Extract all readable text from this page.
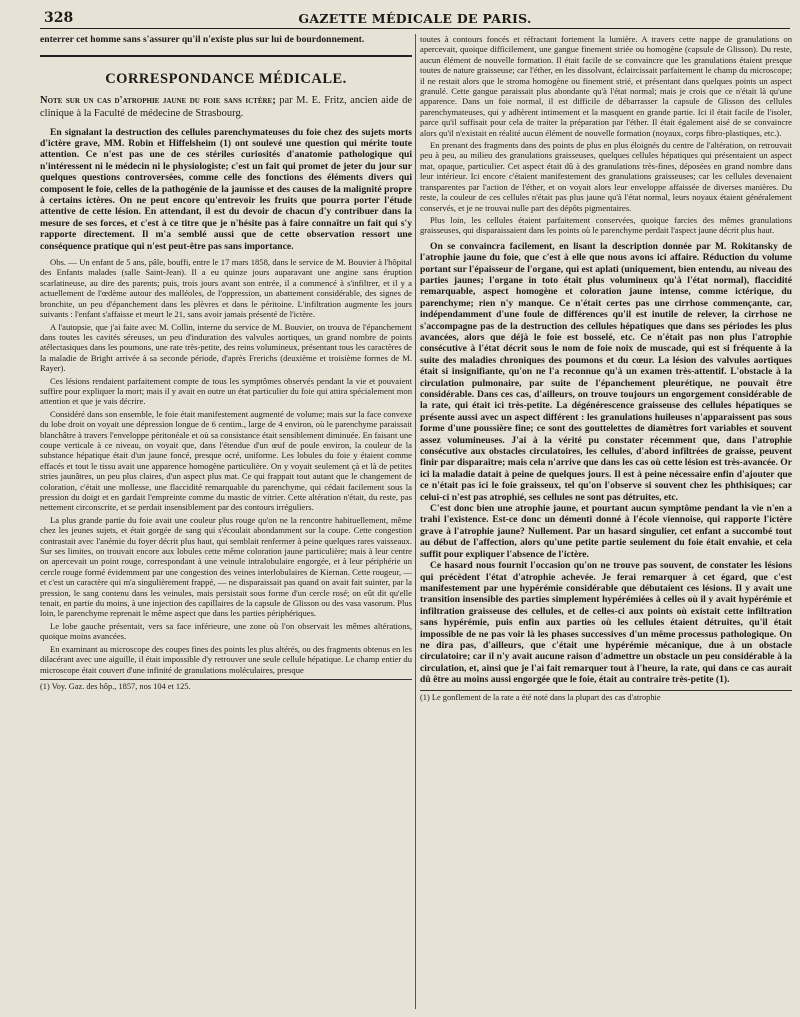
328	GAZETTE MÉDICALE DE PARIS.

enterrer cet homme sans s'assurer qu'il n'existe plus sur lui de bourdonnement.

CORRESPONDANCE MÉDICALE.

Note sur un cas d'atrophie jaune du foie sans ictère; par M. E. Fritz, ancien aide de clinique à la Faculté de médecine de Strasbourg.

En signalant la destruction des cellules parenchymateuses du foie chez des sujets morts d'ictère grave, MM. Robin et Hiffelsheim (1) ont soulevé une question qui mérite toute attention. Ce n'est pas une de ces stériles curiosités d'anatomie pathologique qui n'intéressent ni le médecin ni le physiologiste; c'est un fait qui promet de jeter du jour sur quelques questions controversées, comme celle des fonctions des éléments divers qui composent le foie, celles de la pathogénie de la jaunisse et des causes de la malignité propre à certains ictères. On ne peut encore qu'entrevoir les fruits que pourra porter l'étude attentive de cette lésion. En attendant, il est du devoir de chacun d'y contribuer dans la mesure de ses forces, et c'est à ce titre que je n'hésite pas à faire connaître un fait qui s'y rapporte directement. Il m'a semblé aussi que de cette observation ressort une conséquence pratique qui n'est peut-être pas sans importance.

Obs. — Un enfant de 5 ans, pâle, bouffi, entre le 17 mars 1858, dans le service de M. Bouvier à l'hôpital des Enfants malades (salle Saint-Jean). Il a eu quinze jours auparavant une angine sans éruption scarlatineuse, au dire des parents; puis, trois jours avant son entrée, il a commencé à s'infiltrer, et il y a actuellement de l'œdème autour des malléoles, de l'oppression, un abattement considérable, des signes de bronchite, un peu d'épanchement dans les plèvres et dans le péritoine. L'infiltration augmente les jours suivants : l'enfant s'affaisse et meurt le 21, sans avoir jamais présenté de l'ictère.

A l'autopsie, que j'ai faite avec M. Collin, interne du service de M. Bouvier, on trouva de l'épanchement dans toutes les cavités séreuses, un peu d'induration des valvules aortiques, un grand nombre de points atélectasiques dans les poumons, une rate très-petite, des reins volumineux, présentant tous les caractères de la maladie de Bright arrivée à sa seconde période, d'après Frerichs (deuxième et troisième formes de M. Rayer).

Ces lésions rendaient parfaitement compte de tous les symptômes observés pendant la vie et pouvaient suffire pour expliquer la mort; mais il y avait en outre un état particulier du foie qui attira spécialement mon attention et que je vais décrire.

Considéré dans son ensemble, le foie était manifestement augmenté de volume; mais sur la face convexe du lobe droit on voyait une dépression longue de 6 centim., large de 4 environ, où le parenchyme paraissait blanchâtre à travers l'enveloppe péritonéale et où sa consistance était sensiblement diminuée. En faisant une coupe verticale à ce niveau, on voyait que, dans l'étendue d'un œuf de poule environ, la couleur de la substance hépatique était d'un jaune foncé, presque ocré, uniforme. Les lobules du foie y étaient comme effacés et tout le tissu avait une apparence homogène particulière. On y voyait seulement çà et là de petites stries jaunâtres, un peu plus claires, d'un aspect plus mat. Ce qui frappait tout autant que le changement de coloration, c'était une mollesse, une flaccidité remarquable du parenchyme, qui cédait facilement sous la pression du doigt et en gardait l'empreinte comme du mastic de vitrier. Cette altération n'était, du reste, pas nettement circonscrite, et se perdait insensiblement par des contours irréguliers.

La plus grande partie du foie avait une couleur plus rouge qu'on ne la rencontre habituellement, même chez les jeunes sujets, et était gorgée de sang qui s'écoulait abondamment sur la coupe. Cette congestion contrastait avec l'anémie du foyer décrit plus haut, qui semblait renfermer à peine quelques rares vaisseaux. Sur ses limites, on trouvait encore aux lobules cette même coloration jaune particulière; mais à leur centre on apercevait un point rouge, correspondant à une veinule intralobulaire engorgée, et à leur périphérie un cercle rouge formé évidemment par une congestion des veines interlobulaires de Kiernan. Cette rougeur, — et c'est un caractère qui m'a singulièrement frappé, — ne disparaissait pas quand on avait fait suinter, par la pression, le sang contenu dans les veinules, mais persistait sous forme d'un cercle rosé; on eût dit qu'elle tenait, en partie du moins, à une injection des capillaires de la capsule de Glisson ou des vasa vasorum. Plus loin, le parenchyme reprenait le même aspect que dans les parties périphériques.

Le lobe gauche présentait, vers sa face inférieure, une zone où l'on observait les mêmes altérations, quoique moins avancées.

En examinant au microscope des coupes fines des points les plus altérés, ou des fragments obtenus en les dilacérant avec une aiguille, il était impossible d'y retrouver une seule cellule hépatique. Le champ entier du microscope était couvert d'une infinité de granulations moléculaires, presque

(1) Voy. Gaz. des hôp., 1857, nos 104 et 125.

toutes à contours foncés et réfractant fortement la lumière. A travers cette nappe de granulations on apercevait, quoique difficilement, une gangue finement striée ou homogène (capsule de Glisson). Du reste, aucun élément de nouvelle formation. Il était facile de se convaincre que les granulations étaient presque toutes de nature graisseuse; car l'éther, en les dissolvant, éclaircissait parfaitement le champ du microscope; il ne restait alors que le stroma homogène ou finement strié, et présentant dans quelques points un aspect granulé. Cette gangue paraissait plus abondante qu'à l'état normal; mais je crois que ce n'était là qu'une apparence. Dans un foie normal, il est difficile de débarrasser la capsule de Glisson des cellules parenchymateuses, qui y adhèrent intimement et la masquent en grande partie. Ici il était facile de l'isoler, parce qu'il suffisait pour cela de traiter la préparation par l'éther. Il était également aisé de se convaincre alors qu'il n'existait en réalité aucun élément de nouvelle formation (noyaux, corps fibro-plastiques, etc.).

En prenant des fragments dans des points de plus en plus éloignés du centre de l'altération, on retrouvait peu à peu, au milieu des granulations graisseuses, quelques cellules hépatiques qui présentaient un aspect mat, opaque, particulier. Cet aspect était dû à des granulations très-fines, déposées en grand nombre dans leur intérieur. Ici encore c'étaient manifestement des granulations graisseuses; car les cellules devenaient transparentes par l'action de l'éther, et on voyait alors leur enveloppe affaissée de diverses manières. Du reste, la couleur de ces cellules n'était pas plus jaune qu'à l'état normal, leurs noyaux étaient généralement conservés, et je ne trouvai nulle part des dépôts pigmentaires.

Plus loin, les cellules étaient parfaitement conservées, quoique farcies des mêmes granulations graisseuses, qui disparaissaient dans les points où le parenchyme perdait l'aspect jaune décrit plus haut.

On se convaincra facilement, en lisant la description donnée par M. Rokitansky de l'atrophie jaune du foie, que c'est à elle que nous avons ici affaire. Réduction du volume portant sur l'épaisseur de l'organe, qui est aplati (uniquement, bien entendu, au niveau des parties jaunes; l'organe in toto était plus volumineux qu'à l'état normal), flaccidité remarquable, aspect homogène et coloration jaune intense, comme ictérique, du parenchyme; rien n'y manque. Ce n'était certes pas une cirrhose commençante, car, indépendamment d'une foule de différences qu'il est inutile de relever, la cirrhose ne s'accompagne pas de la destruction des cellules hépatiques que dans ses périodes les plus avancées, alors que déjà le foie est bosselé, etc. Ce n'était pas non plus l'atrophie consécutive à l'état décrit sous le nom de foie noix de muscade, qui est si fréquente à la suite des maladies chroniques des poumons et du cœur. La lésion des valvules aortiques était si insignifiante, qu'on ne l'a reconnue qu'à un examen très-attentif. L'obstacle à la circulation pulmonaire, par suite de l'épanchement pleurétique, ne pouvait être considérable. Dans ces cas, d'ailleurs, on trouve toujours un engorgement considérable de la rate, qui était ici très-petite. La dégénérescence graisseuse des cellules hépatiques se présente aussi avec un aspect différent : les granulations huileuses n'apparaissent pas sous forme d'une poussière fine; ce sont des gouttelettes de diamètres fort variables et souvent assez volumineuses. J'ai à la vérité pu constater récemment que, dans l'atrophie consécutive aux obstacles circulatoires, les cellules, d'abord infiltrées de graisse, peuvent finir par disparaître; mais cela n'arrive que dans les cas où cette lésion est très-avancée. Or ici la maladie datait à peine de quelques jours. Il est à peine nécessaire enfin d'ajouter que ce n'était pas ici le foie graisseux, tel qu'on l'observe si souvent chez les phthisiques; car celui-ci n'est pas atrophié, ses cellules ne sont pas détruites, etc.

C'est donc bien une atrophie jaune, et pourtant aucun symptôme pendant la vie n'en a trahi l'existence. Est-ce donc un démenti donné à l'école viennoise, qui rapporte l'ictère grave à l'atrophie jaune? Nullement. Par un hasard singulier, cet enfant a succombé tout au début de l'affection, alors qu'une petite partie seulement du foie était envahie, et cela suffit pour expliquer l'absence de l'ictère.

Ce hasard nous fournit l'occasion qu'on ne trouve pas souvent, de constater les lésions qui précèdent l'état d'atrophie achevée. Je ferai remarquer à cet égard, que c'est manifestement par une hypérémie considérable que débutaient ces lésions. Il y avait une transition insensible des parties simplement hypérémiées à celles où il y avait hypérémie et infiltration graisseuse des cellules, et de celles-ci aux points où existait cette infiltration sans hypérémie, puis enfin aux parties où les cellules étaient détruites, qu'il était impossible de ne pas voir là les phases successives d'un même processus pathologique. On ne dira pas, d'ailleurs, que c'était une hypérémie mécanique, due à un obstacle circulatoire; car il n'y avait aucune raison d'admettre un obstacle un peu considérable à la circulation, et, ainsi que je l'ai fait remarquer tout à l'heure, la rate, qui dans ce cas aurait dû être au moins aussi engorgée que le foie, était au contraire très-petite (1).

(1) Le gonflement de la rate a été noté dans la plupart des cas d'atrophie
